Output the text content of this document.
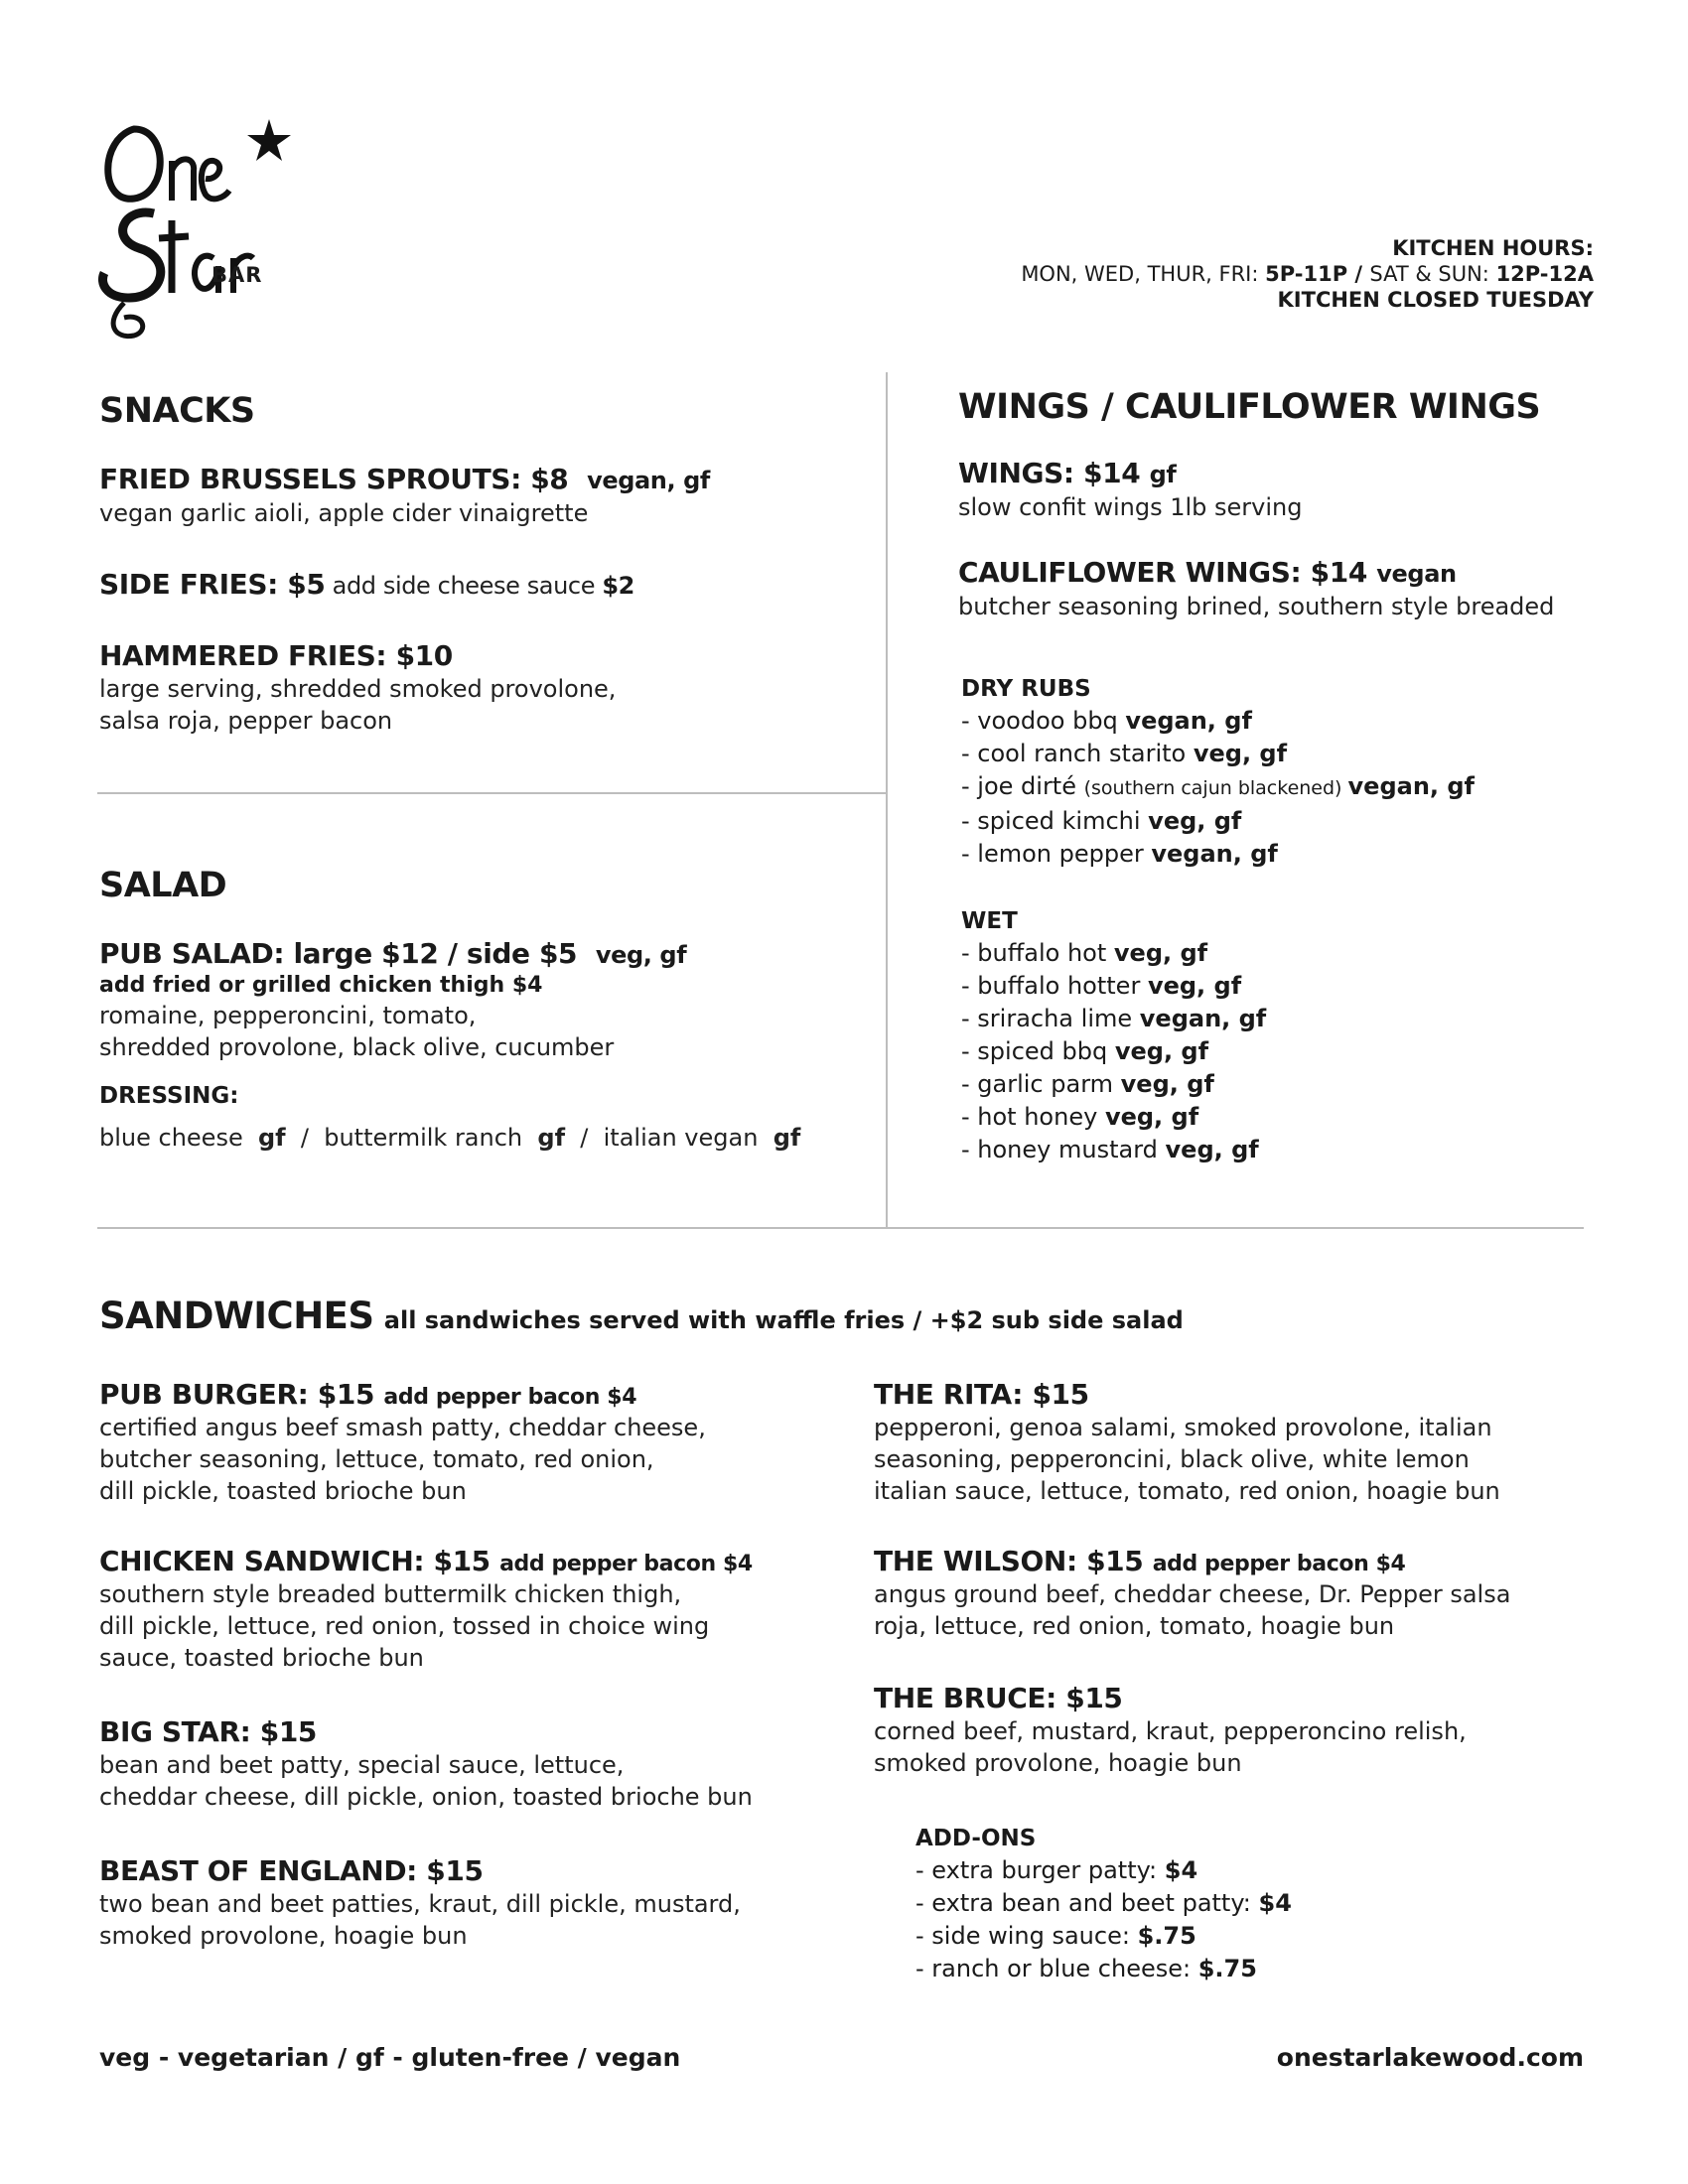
BAR
KITCHEN HOURS:
MON, WED, THUR, FRI: 5P-11P / SAT & SUN: 12P-12A
KITCHEN CLOSED TUESDAY
SNACKS
FRIED BRUSSELS SPROUTS: $8 vegan, gf
vegan garlic aioli, apple cider vinaigrette
SIDE FRIES: $5 add side cheese sauce $2
HAMMERED FRIES: $10
large serving, shredded smoked provolone,
salsa roja, pepper bacon
SALAD
PUB SALAD: large $12 / side $5 veg, gf
add fried or grilled chicken thigh $4
romaine, pepperoncini, tomato,
shredded provolone, black olive, cucumber
DRESSING:
blue cheese gf  /  buttermilk ranch gf  /  italian vegan gf
WINGS / CAULIFLOWER WINGS
WINGS: $14 gf
slow confit wings 1lb serving
CAULIFLOWER WINGS: $14 vegan
butcher seasoning brined, southern style breaded
DRY RUBS
- voodoo bbq vegan, gf
- cool ranch starito veg, gf
- joe dirté (southern cajun blackened) vegan, gf
- spiced kimchi veg, gf
- lemon pepper vegan, gf
WET
- buffalo hot veg, gf
- buffalo hotter veg, gf
- sriracha lime vegan, gf
- spiced bbq veg, gf
- garlic parm veg, gf
- hot honey veg, gf
- honey mustard veg, gf
SANDWICHES all sandwiches served with waffle fries / +$2 sub side salad
PUB BURGER: $15 add pepper bacon $4
certified angus beef smash patty, cheddar cheese,
butcher seasoning, lettuce, tomato, red onion,
dill pickle, toasted brioche bun
CHICKEN SANDWICH: $15 add pepper bacon $4
southern style breaded buttermilk chicken thigh,
dill pickle, lettuce, red onion, tossed in choice wing
sauce, toasted brioche bun
BIG STAR: $15
bean and beet patty, special sauce, lettuce,
cheddar cheese, dill pickle, onion, toasted brioche bun
BEAST OF ENGLAND: $15
two bean and beet patties, kraut, dill pickle, mustard,
smoked provolone, hoagie bun
THE RITA: $15
pepperoni, genoa salami, smoked provolone, italian
seasoning, pepperoncini, black olive, white lemon
italian sauce, lettuce, tomato, red onion, hoagie bun
THE WILSON: $15 add pepper bacon $4
angus ground beef, cheddar cheese, Dr. Pepper salsa
roja, lettuce, red onion, tomato, hoagie bun
THE BRUCE: $15
corned beef, mustard, kraut, pepperoncino relish,
smoked provolone, hoagie bun
ADD-ONS
- extra burger patty: $4
- extra bean and beet patty: $4
- side wing sauce: $.75
- ranch or blue cheese: $.75
veg - vegetarian / gf - gluten-free / vegan	onestarlakewood.com
